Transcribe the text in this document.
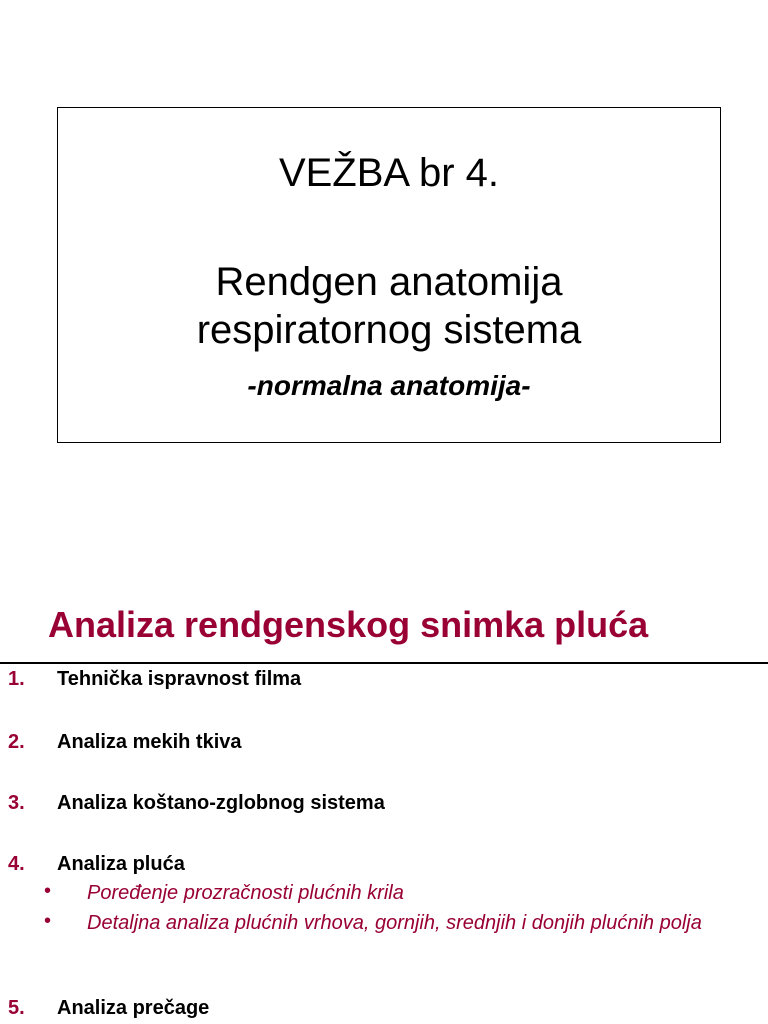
VEŽBA br 4.
Rendgen anatomija
respiratornog sistema

-normalna anatomija-

Analiza rendgenskog snimka pluća
1. Tehnička ispravnost filma
2. Analiza mekih tkiva
3. Analiza koštano-zglobnog sistema
4. Analiza pluća
• Poređenje prozračnosti plućnih krila
• Detaljna analiza plućnih vrhova, gornjih, srednjih i donjih plućnih polja
5. Analiza prečage
